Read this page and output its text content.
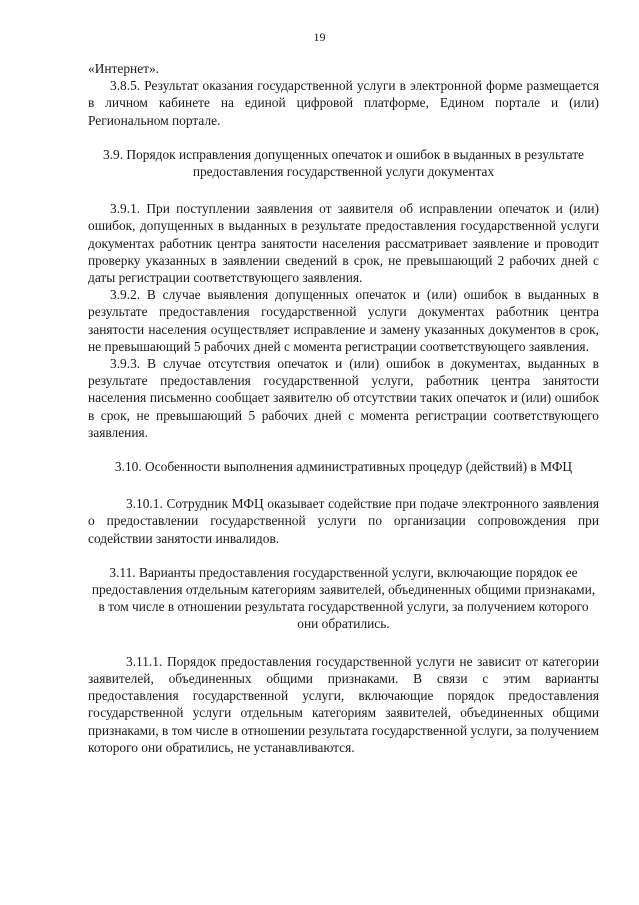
19

«Интернет».

3.8.5. Результат оказания государственной услуги в электронной форме размещается в личном кабинете на единой цифровой платформе, Едином портале и (или) Региональном портале.

3.9. Порядок исправления допущенных опечаток и ошибок в выданных в результате предоставления государственной услуги документах

3.9.1. При поступлении заявления от заявителя об исправлении опечаток и (или) ошибок, допущенных в выданных в результате предоставления государственной услуги документах работник центра занятости населения рассматривает заявление и проводит проверку указанных в заявлении сведений в срок, не превышающий 2 рабочих дней с даты регистрации соответствующего заявления.

3.9.2. В случае выявления допущенных опечаток и (или) ошибок в выданных в результате предоставления государственной услуги документах работник центра занятости населения осуществляет исправление и замену указанных документов в срок, не превышающий 5 рабочих дней с момента регистрации соответствующего заявления.

3.9.3. В случае отсутствия опечаток и (или) ошибок в документах, выданных в результате предоставления государственной услуги, работник центра занятости населения письменно сообщает заявителю об отсутствии таких опечаток и (или) ошибок в срок, не превышающий 5 рабочих дней с момента регистрации соответствующего заявления.

3.10. Особенности выполнения административных процедур (действий) в МФЦ

3.10.1. Сотрудник МФЦ оказывает содействие при подаче электронного заявления о предоставлении государственной услуги по организации сопровождения при содействии занятости инвалидов.

3.11. Варианты предоставления государственной услуги, включающие порядок ее предоставления отдельным категориям заявителей, объединенных общими признаками, в том числе в отношении результата государственной услуги, за получением которого они обратились.

3.11.1. Порядок предоставления государственной услуги не зависит от категории заявителей, объединенных общими признаками. В связи с этим варианты предоставления государственной услуги, включающие порядок предоставления государственной услуги отдельным категориям заявителей, объединенных общими признаками, в том числе в отношении результата государственной услуги, за получением которого они обратились, не устанавливаются.
